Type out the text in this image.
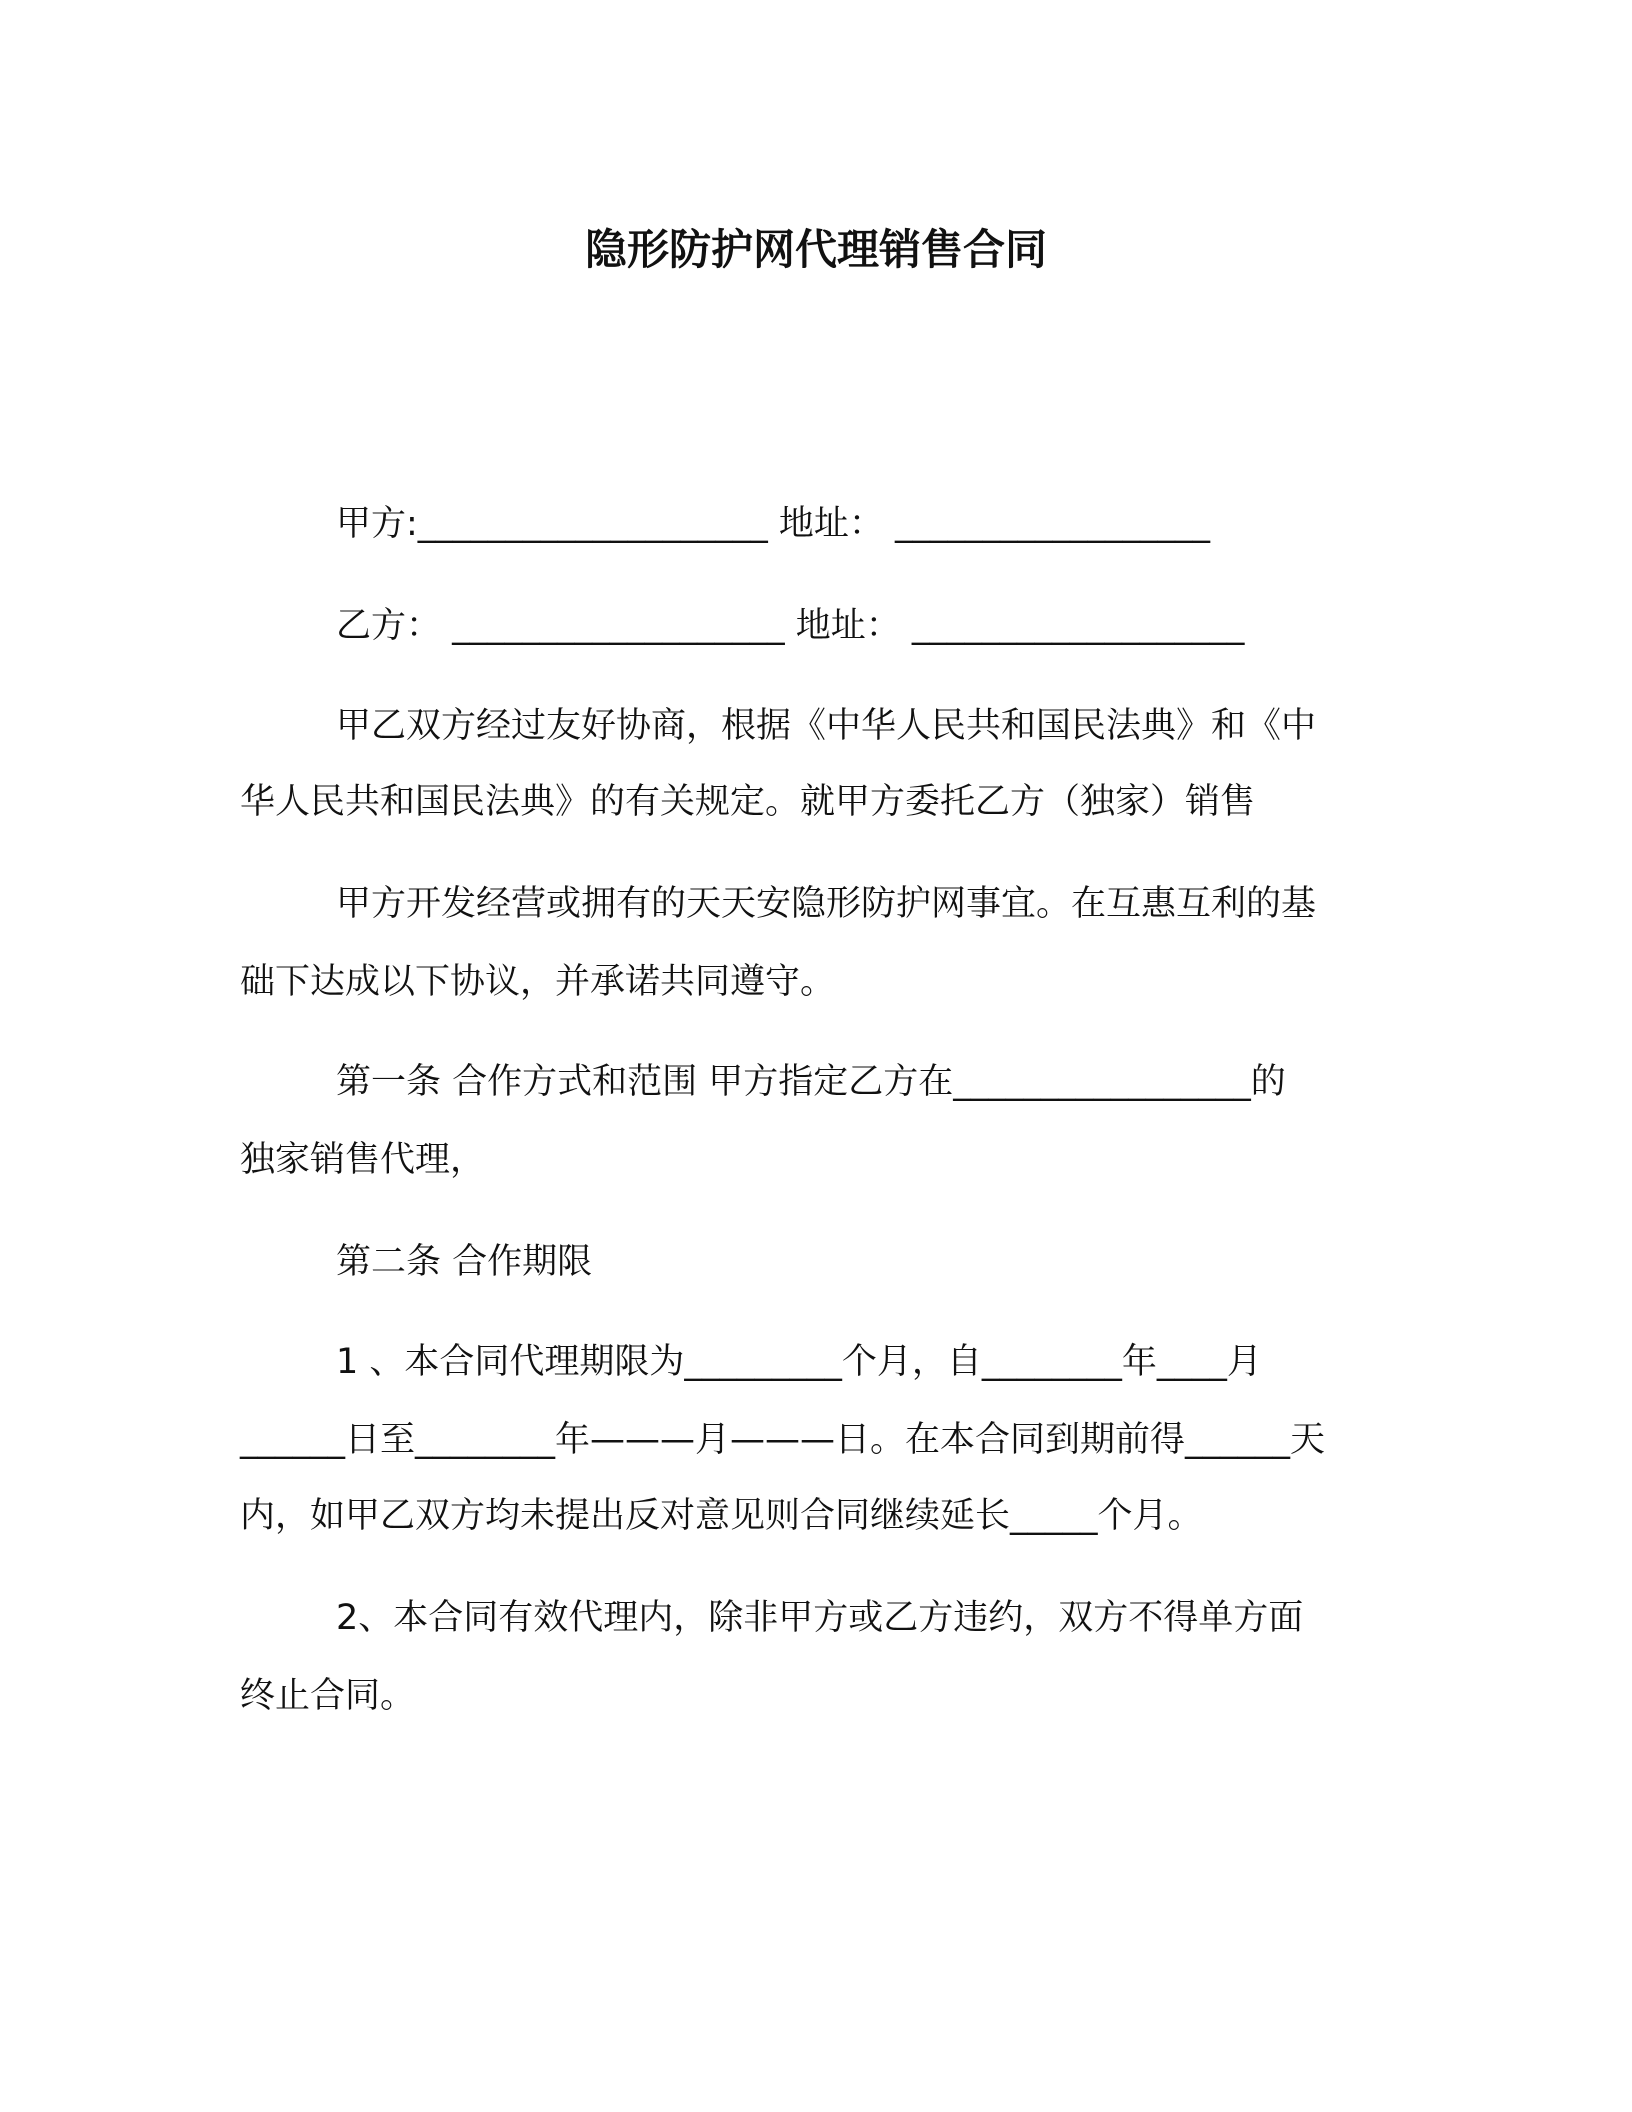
隐形防护网代理销售合同
甲方:____________________ 地址： __________________
乙方： ___________________ 地址： ___________________
甲乙双方经过友好协商，根据《中华人民共和国民法典》和《中
华人民共和国民法典》的有关规定。就甲方委托乙方（独家）销售
甲方开发经营或拥有的天天安隐形防护网事宜。在互惠互利的基
础下达成以下协议，并承诺共同遵守。
第一条 合作方式和范围 甲方指定乙方在_________________的
独家销售代理，
第二条 合作期限
1 、本合同代理期限为_________个月，自________年____月
______日至________年———月———日。在本合同到期前得______天
内，如甲乙双方均未提出反对意见则合同继续延长_____个月。
2、本合同有效代理内，除非甲方或乙方违约，双方不得单方面
终止合同。
